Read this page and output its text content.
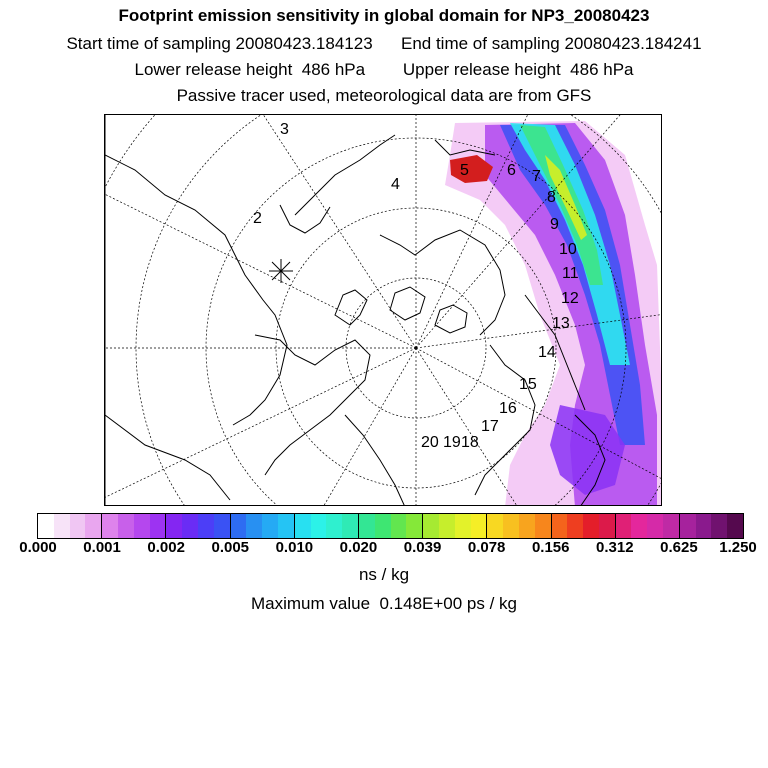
Footprint emission sensitivity in global domain for NP3_20080423
Start time of sampling 20080423.184123      End time of sampling 20080423.184241
Lower release height  486 hPa        Upper release height  486 hPa
Passive tracer used, meteorological data are from GFS
2
3
4
5 6 7
8
9
10
11
12
13
14
15
16
17
18
19
20
0.000 0.001 0.002 0.005 0.010 0.020 0.039 0.078 0.156 0.312 0.625 1.250
ns / kg
Maximum value  0.148E+00 ps / kg
